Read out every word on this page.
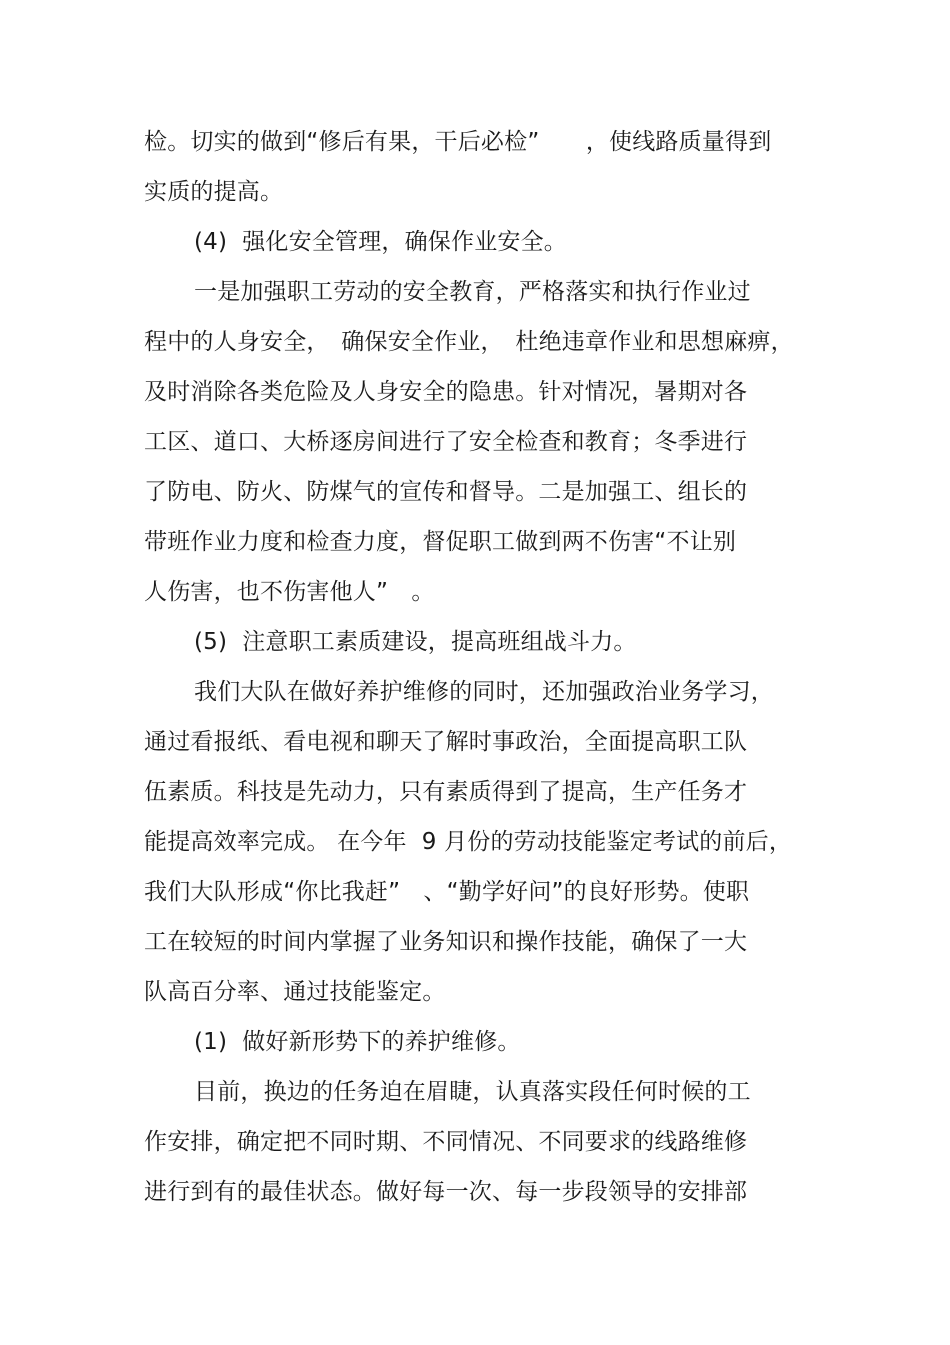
检。切实的做到“修后有果，干后必检”　　，使线路质量得到
实质的提高。
(4)  强化安全管理，确保作业安全。
一是加强职工劳动的安全教育，严格落实和执行作业过
程中的人身安全，　确保安全作业，　杜绝违章作业和思想麻痹，
及时消除各类危险及人身安全的隐患。针对情况，暑期对各
工区、道口、大桥逐房间进行了安全检查和教育；冬季进行
了防电、防火、防煤气的宣传和督导。二是加强工、组长的
带班作业力度和检查力度，督促职工做到两不伤害“不让别
人伤害，也不伤害他人”　。
(5)  注意职工素质建设，提高班组战斗力。
我们大队在做好养护维修的同时，还加强政治业务学习，
通过看报纸、看电视和聊天了解时事政治，全面提高职工队
伍素质。科技是先动力，只有素质得到了提高，生产任务才
能提高效率完成。 在今年  9 月份的劳动技能鉴定考试的前后，
我们大队形成“你比我赶”　、“勤学好问”的良好形势。使职
工在较短的时间内掌握了业务知识和操作技能，确保了一大
队高百分率、通过技能鉴定。
(1)  做好新形势下的养护维修。
目前，换边的任务迫在眉睫，认真落实段任何时候的工
作安排，确定把不同时期、不同情况、不同要求的线路维修
进行到有的最佳状态。做好每一次、每一步段领导的安排部
